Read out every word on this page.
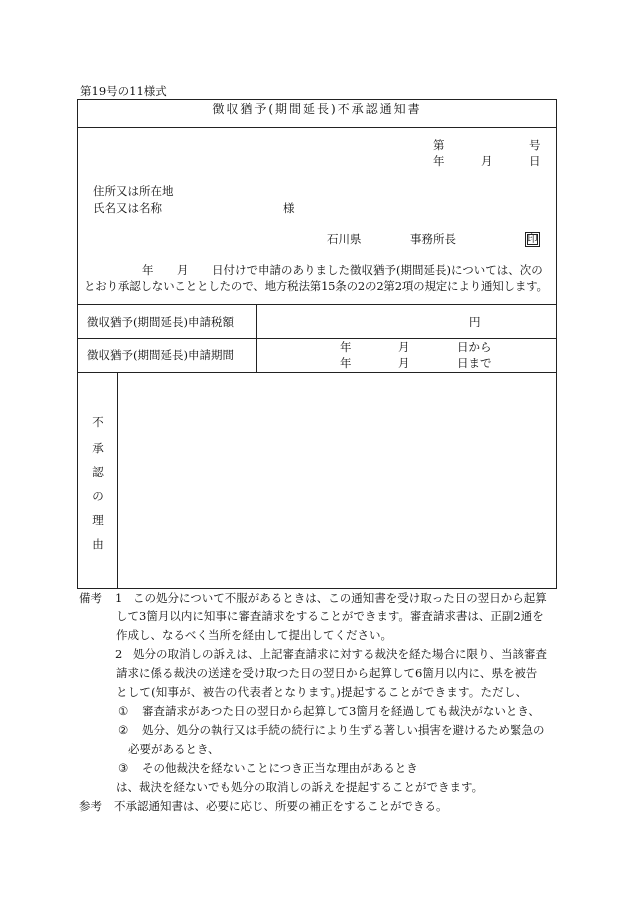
第19号の11様式
徴収猶予(期間延長)不承認通知書
第	号
年	月	日
住所又は所在地
氏名又は名称	様
石川県	事務所長	印
年 月 日付けで申請のありました徴収猶予(期間延長)については、次の
とおり承認しないこととしたので、地方税法第15条の2の2第2項の規定により通知します。
徴収猶予(期間延長)申請税額	円
徴収猶予(期間延長)申請期間
年	月	日から
年	月	日まで
不
承
認
の
理
由
備考 1 この処分について不服があるときは、この通知書を受け取った日の翌日から起算
して3箇月以内に知事に審査請求をすることができます。審査請求書は、正副2通を
作成し、なるべく当所を経由して提出してください。
2 処分の取消しの訴えは、上記審査請求に対する裁決を経た場合に限り、当該審査
請求に係る裁決の送達を受け取つた日の翌日から起算して6箇月以内に、県を被告
として(知事が、被告の代表者となります。)提起することができます。ただし、
① 審査請求があつた日の翌日から起算して3箇月を経過しても裁決がないとき、
② 処分、処分の執行又は手続の続行により生ずる著しい損害を避けるため緊急の
必要があるとき、
③ その他裁決を経ないことにつき正当な理由があるとき
は、裁決を経ないでも処分の取消しの訴えを提起することができます。
参考 不承認通知書は、必要に応じ、所要の補正をすることができる。
